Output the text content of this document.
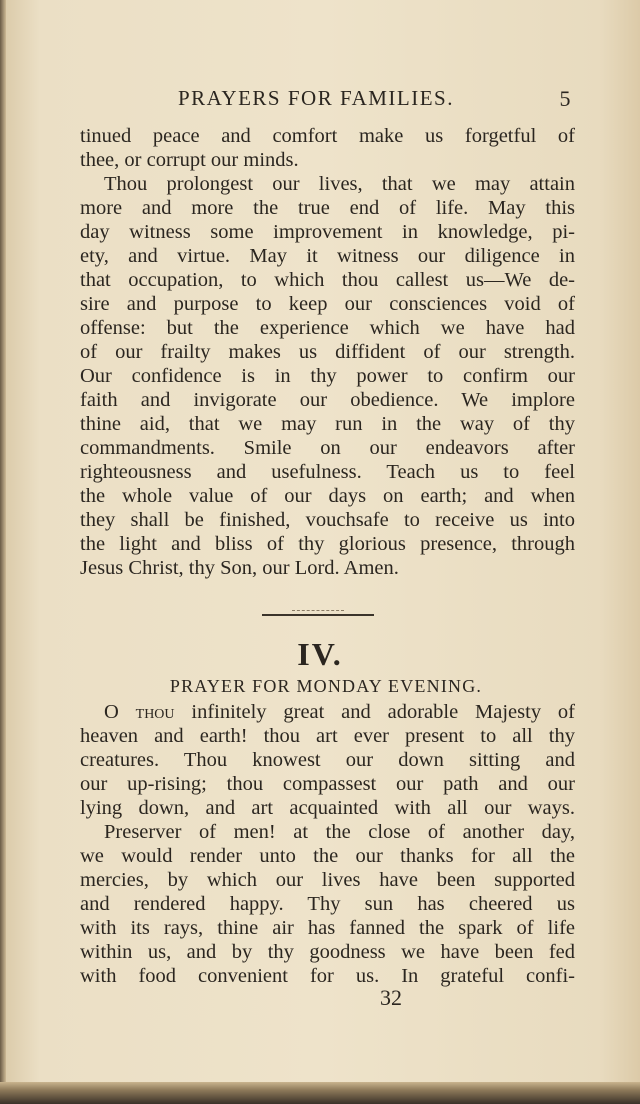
PRAYERS FOR FAMILIES.	5
tinued peace and comfort make us forgetful of
thee, or corrupt our minds.
Thou prolongest our lives, that we may attain
more and more the true end of life. May this
day witness some improvement in knowledge, pi-
ety, and virtue. May it witness our diligence in
that occupation, to which thou callest us—We de-
sire and purpose to keep our consciences void of
offense: but the experience which we have had
of our frailty makes us diffident of our strength.
Our confidence is in thy power to confirm our
faith and invigorate our obedience. We implore
thine aid, that we may run in the way of thy
commandments. Smile on our endeavors after
righteousness and usefulness. Teach us to feel
the whole value of our days on earth; and when
they shall be finished, vouchsafe to receive us into
the light and bliss of thy glorious presence, through
Jesus Christ, thy Son, our Lord. Amen.
IV.
PRAYER FOR MONDAY EVENING.
O thou infinitely great and adorable Majesty of
heaven and earth! thou art ever present to all thy
creatures. Thou knowest our down sitting and
our up-rising; thou compassest our path and our
lying down, and art acquainted with all our ways.
Preserver of men! at the close of another day,
we would render unto the our thanks for all the
mercies, by which our lives have been supported
and rendered happy. Thy sun has cheered us
with its rays, thine air has fanned the spark of life
within us, and by thy goodness we have been fed
with food convenient for us. In grateful confi-
32
